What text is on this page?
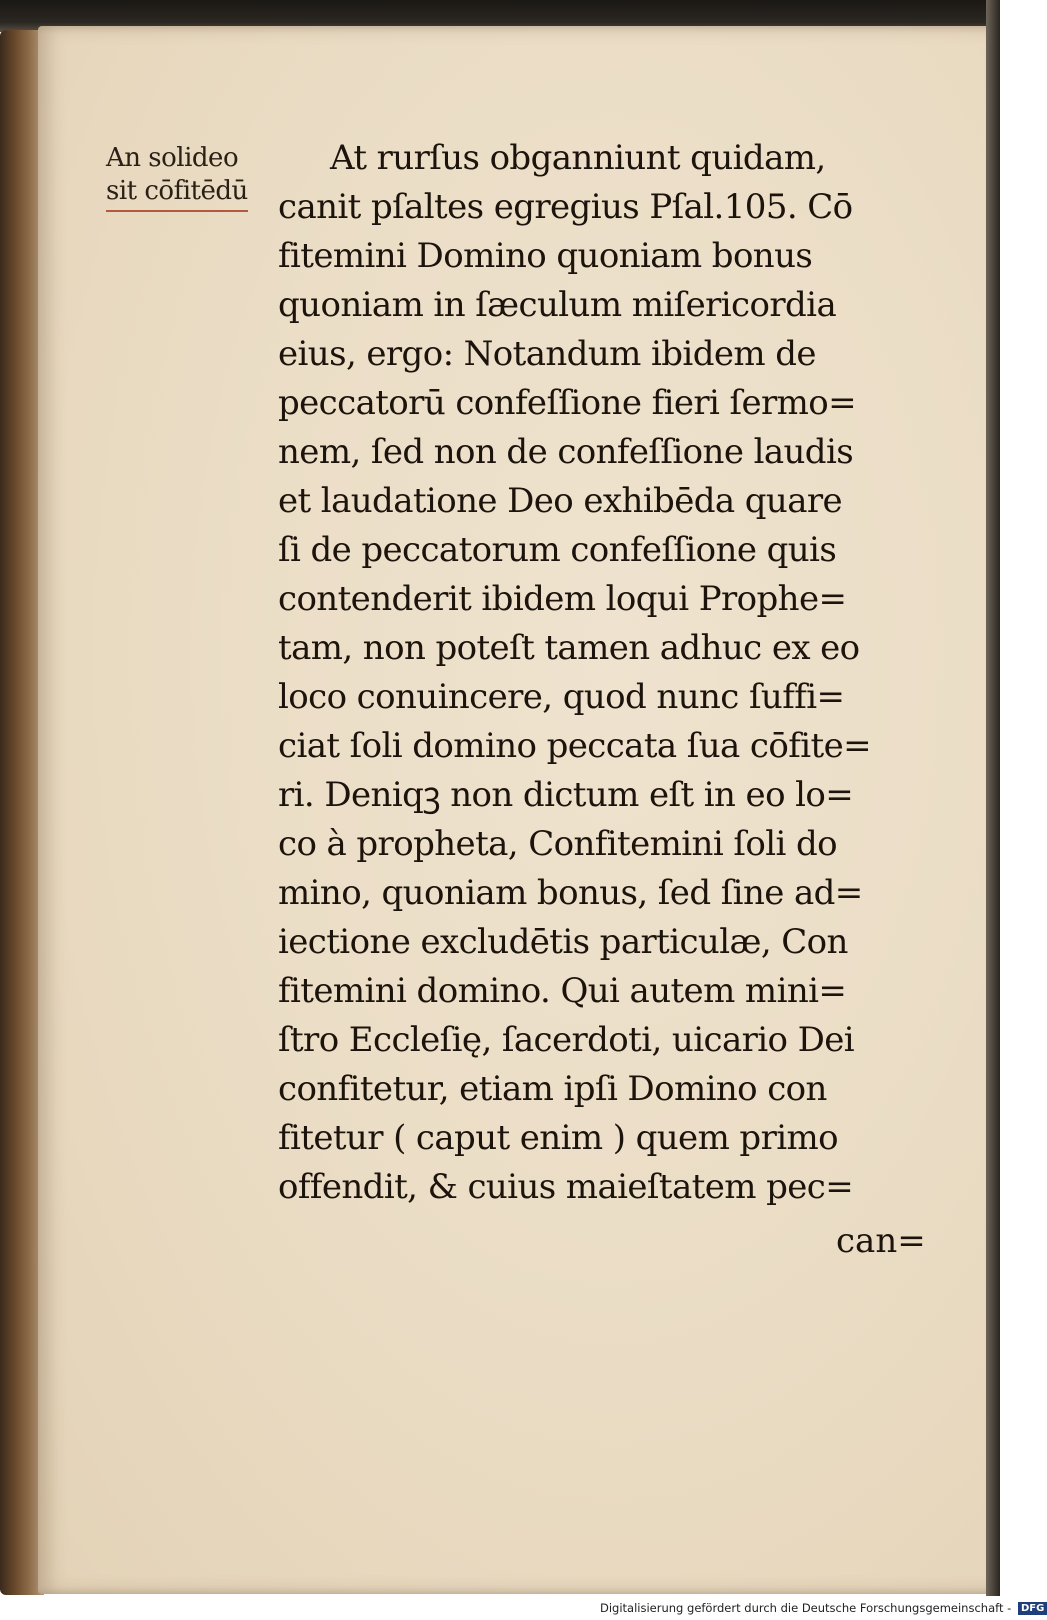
An solideo
sit cōfitēdū
At rurſus obganniunt quidam,
canit pſaltes egregius Pſal.105. Cō
fitemini Domino quoniam bonus
quoniam in ſæculum miſericordia
eius, ergo: Notandum ibidem de
peccatorū confeſſione fieri ſermo=
nem, ſed non de confeſſione laudis
et laudatione Deo exhibēda quare
ſi de peccatorum confeſſione quis
contenderit ibidem loqui Prophe=
tam, non poteſt tamen adhuc ex eo
loco conuincere, quod nunc ſuffi=
ciat ſoli domino peccata ſua cōfite=
ri. Deniqꝫ non dictum eſt in eo lo=
co à propheta, Confitemini ſoli do
mino, quoniam bonus, ſed ſine ad=
iectione excludētis particulæ, Con
fitemini domino. Qui autem mini=
ſtro Eccleſię, ſacerdoti, uicario Dei
confitetur, etiam ipſi Domino con
fitetur ( caput enim ) quem primo
offendit, & cuius maieſtatem pec=
can=
Digitalisierung gefördert durch die Deutsche Forschungsgemeinschaft - DFG
